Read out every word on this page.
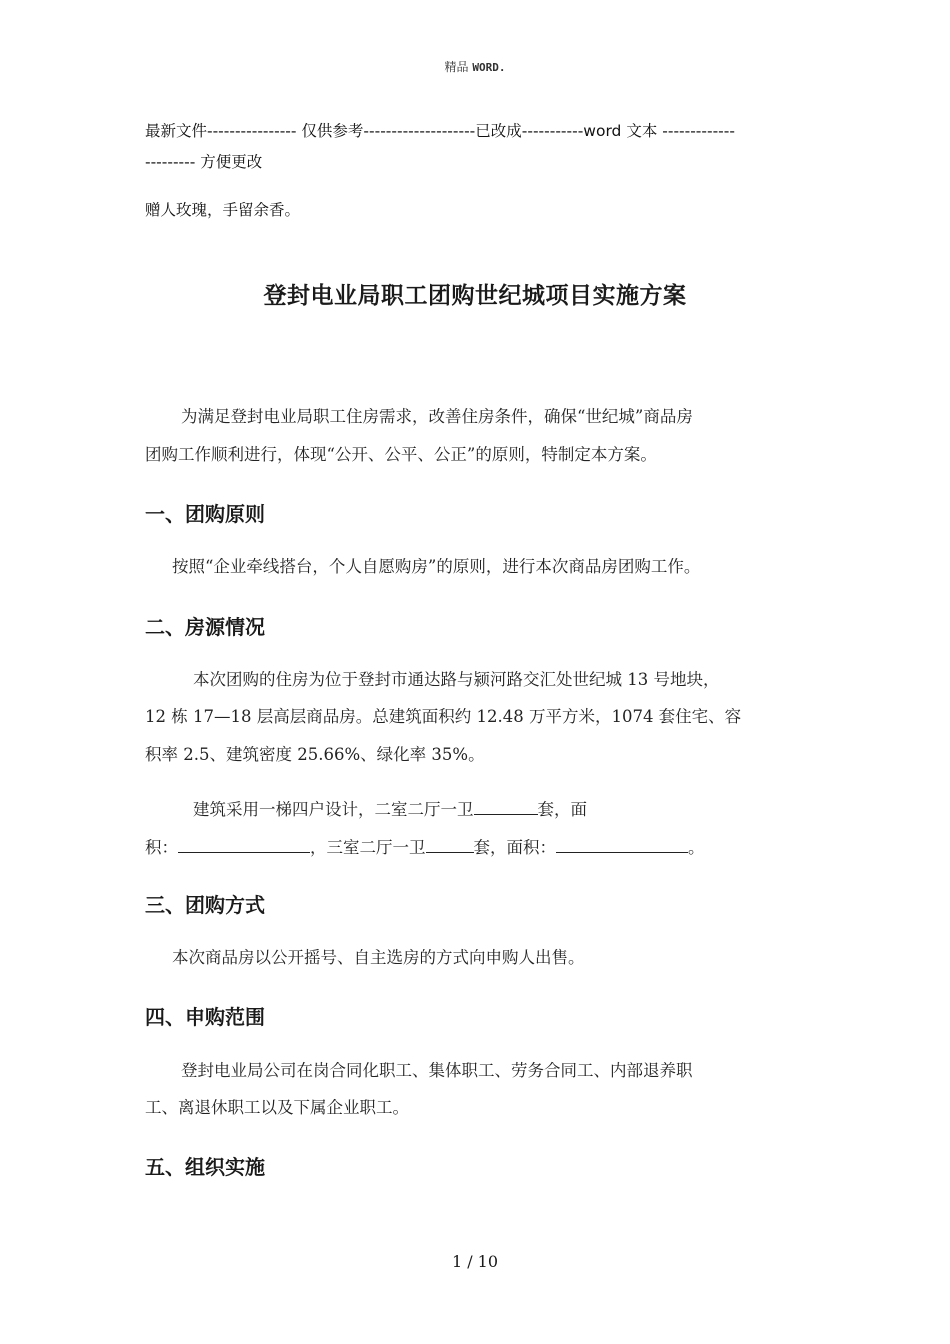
精品 WORD.
最新文件---------------- 仅供参考--------------------已改成-----------word 文本 -------------
--------- 方便更改
赠人玫瑰，手留余香。
登封电业局职工团购世纪城项目实施方案
为满足登封电业局职工住房需求，改善住房条件，确保“世纪城”商品房
团购工作顺利进行，体现“公开、公平、公正”的原则，特制定本方案。
一、团购原则
按照“企业牵线搭台，个人自愿购房”的原则，进行本次商品房团购工作。
二、房源情况
本次团购的住房为位于登封市通达路与颍河路交汇处世纪城 13 号地块，
12 栋 17—18 层高层商品房。总建筑面积约 12.48 万平方米，1074 套住宅、容
积率 2.5、建筑密度 25.66%、绿化率 35%。
建筑采用一梯四户设计，二室二厅一卫	套，面
积：	，三室二厅一卫	套，面积：	。
三、团购方式
本次商品房以公开摇号、自主选房的方式向申购人出售。
四、申购范围
登封电业局公司在岗合同化职工、集体职工、劳务合同工、内部退养职
工、离退休职工以及下属企业职工。
五、组织实施
1 / 10
